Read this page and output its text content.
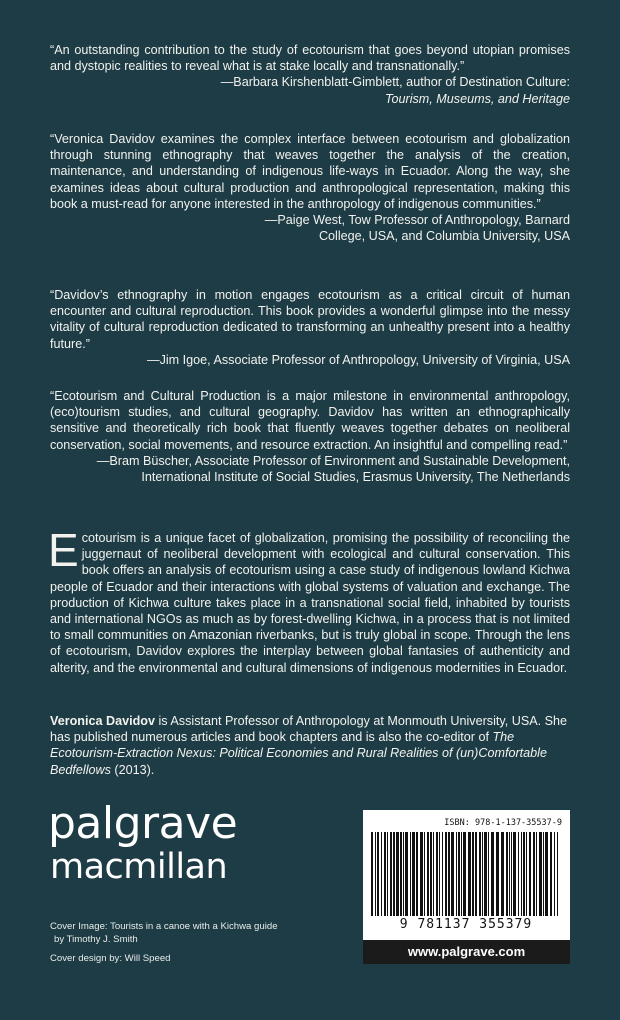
“An outstanding contribution to the study of ecotourism that goes beyond utopian promises and dystopic realities to reveal what is at stake locally and transnationally.”

—Barbara Kirshenblatt-Gimblett, author of Destination Culture:
Tourism, Museums, and Heritage

“Veronica Davidov examines the complex interface between ecotourism and globalization through stunning ethnography that weaves together the analysis of the creation, maintenance, and understanding of indigenous life-ways in Ecuador. Along the way, she examines ideas about cultural production and anthropological representation, making this book a must-read for anyone interested in the anthropology of indigenous communities.”

—Paige West, Tow Professor of Anthropology, Barnard
College, USA, and Columbia University, USA

“Davidov’s ethnography in motion engages ecotourism as a critical circuit of human encounter and cultural reproduction. This book provides a wonderful glimpse into the messy vitality of cultural reproduction dedicated to transforming an unhealthy present into a healthy future.”

—Jim Igoe, Associate Professor of Anthropology, University of Virginia, USA

“Ecotourism and Cultural Production is a major milestone in environmental anthropology, (eco)tourism studies, and cultural geography. Davidov has written an ethnographically sensitive and theoretically rich book that fluently weaves together debates on neoliberal conservation, social movements, and resource extraction. An insightful and compelling read.”

—Bram Büscher, Associate Professor of Environment and Sustainable Development,
International Institute of Social Studies, Erasmus University, The Netherlands

Ecotourism is a unique facet of globalization, promising the possibility of reconciling the juggernaut of neoliberal development with ecological and cultural conservation. This book offers an analysis of ecotourism using a case study of indigenous lowland Kichwa people of Ecuador and their interactions with global systems of valuation and exchange. The production of Kichwa culture takes place in a transnational social field, inhabited by tourists and international NGOs as much as by forest-dwelling Kichwa, in a process that is not limited to small communities on Amazonian riverbanks, but is truly global in scope. Through the lens of ecotourism, Davidov explores the interplay between global fantasies of authenticity and alterity, and the environmental and cultural dimensions of indigenous modernities in Ecuador.

Veronica Davidov is Assistant Professor of Anthropology at Monmouth University, USA. She has published numerous articles and book chapters and is also the co-editor of The Ecotourism-Extraction Nexus: Political Economies and Rural Realities of (un)Comfortable Bedfellows (2013).

palgrave
macmillan

Cover Image: Tourists in a canoe with a Kichwa guide

by Timothy J. Smith

Cover design by: Will Speed

ISBN: 978-1-137-35537-9
9 781137 355379
www.palgrave.com
